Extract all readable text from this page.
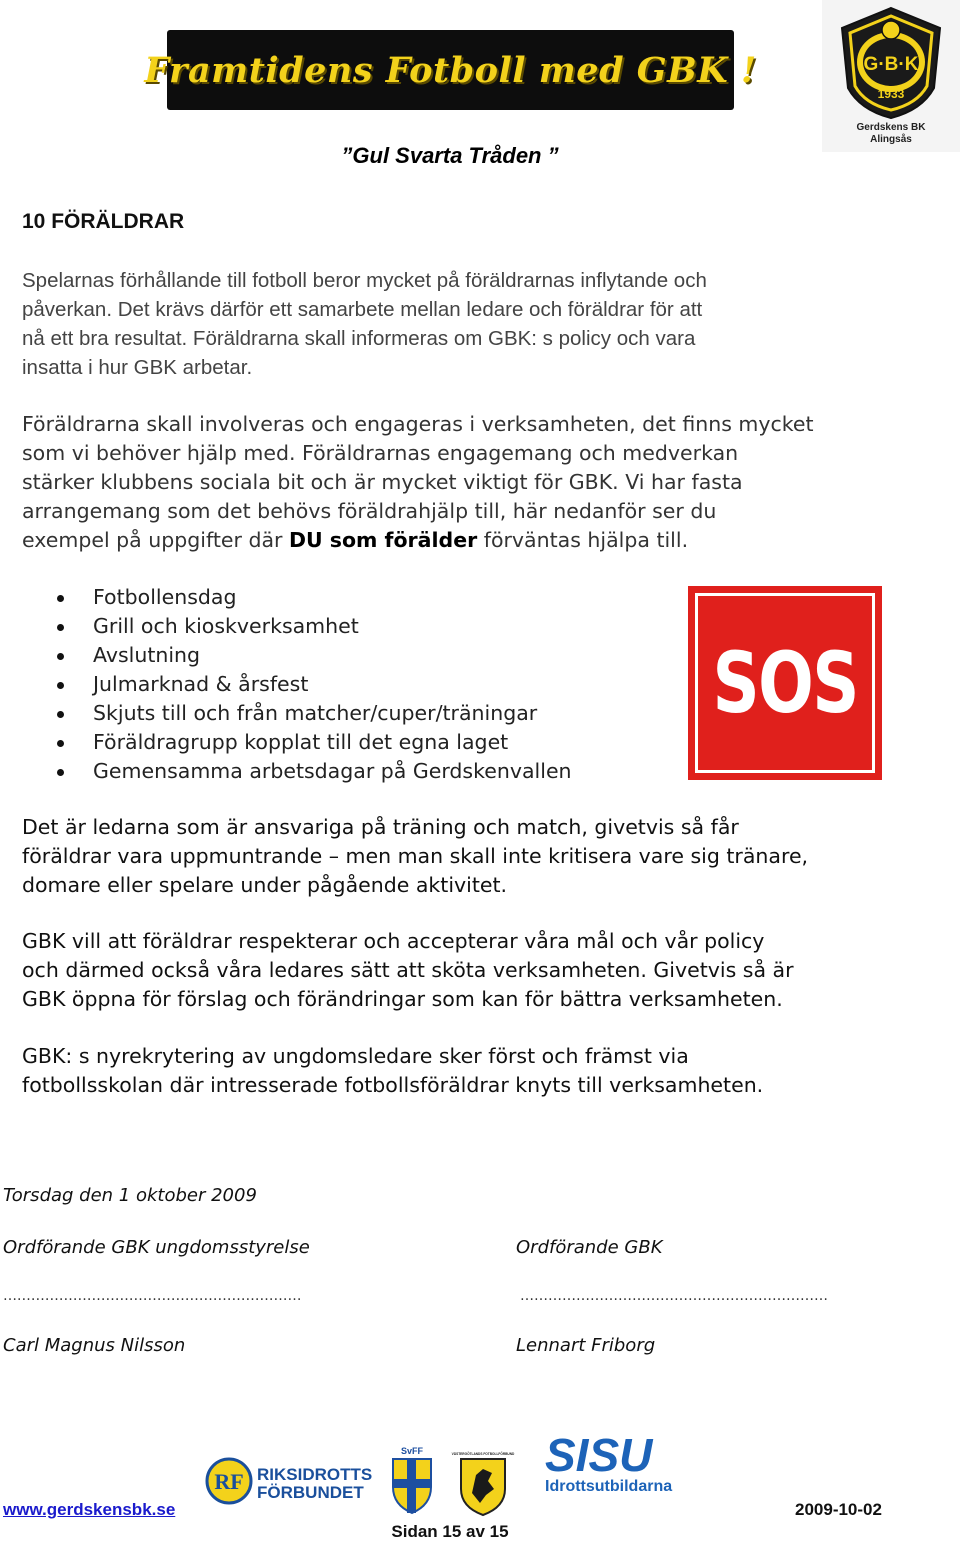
Framtidens Fotboll med GBK !	G·B·K
1933
Gerdskens BK
Alingsås
”Gul Svarta Tråden ”
10 FÖRÄLDRAR
Spelarnas förhållande till fotboll beror mycket på föräldrarnas inflytande och
påverkan. Det krävs därför ett samarbete mellan ledare och föräldrar för att
nå ett bra resultat. Föräldrarna skall informeras om GBK: s policy och vara
insatta i hur GBK arbetar.
Föräldrarna skall involveras och engageras i verksamheten, det finns mycket
som vi behöver hjälp med. Föräldrarnas engagemang och medverkan
stärker klubbens sociala bit och är mycket viktigt för GBK. Vi har fasta
arrangemang som det behövs föräldrahjälp till, här nedanför ser du
exempel på uppgifter där DU som förälder förväntas hjälpa till.
Fotbollensdag
Grill och kioskverksamhet
Avslutning
Julmarknad & årsfest
Skjuts till och från matcher/cuper/träningar
Föräldragrupp kopplat till det egna laget
Gemensamma arbetsdagar på Gerdskenvallen
SOS
Det är ledarna som är ansvariga på träning och match, givetvis så får
föräldrar vara uppmuntrande – men man skall inte kritisera vare sig tränare,
domare eller spelare under pågående aktivitet.
GBK vill att föräldrar respekterar och accepterar våra mål och vår policy
och därmed också våra ledares sätt att sköta verksamheten. Givetvis så är
GBK öppna för förslag och förändringar som kan för bättra verksamheten.
GBK: s nyrekrytering av ungdomsledare sker först och främst via
fotbollsskolan där intresserade fotbollsföräldrar knyts till verksamheten.
Torsdag den 1 oktober 2009
Ordförande GBK ungdomsstyrelse	Ordförande GBK
….……………………………………………………	…………………………………………………………
Carl Magnus Nilsson	Lennart Friborg
RF RIKSIDROTTS
FÖRBUNDET
SvFF	VÄSTERGÖTLANDS FOTBOLLFÖRBUND SISU
Idrottsutbildarna
www.gerdskensbk.se	2009-10-02
Sidan 15 av 15
